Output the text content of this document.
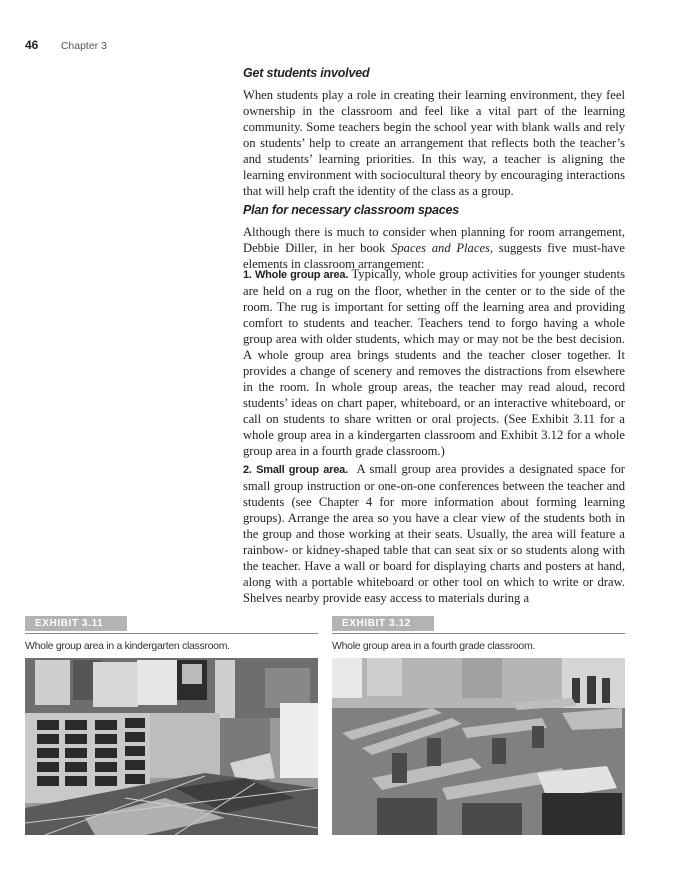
46 Chapter 3
Get students involved

When students play a role in creating their learning environment, they feel ownership in the classroom and feel like a vital part of the learning community. Some teachers begin the school year with blank walls and rely on students’ help to create an arrangement that reflects both the teacher’s and students’ learning priorities. In this way, a teacher is aligning the learning environment with sociocultural theory by encouraging interactions that will help craft the identity of the class as a group.

Plan for necessary classroom spaces

Although there is much to consider when planning for room arrangement, Debbie Diller, in her book Spaces and Places, suggests five must-have elements in classroom arrangement:

1. Whole group area. Typically, whole group activities for younger students are held on a rug on the floor, whether in the center or to the side of the room. The rug is important for setting off the learning area and providing comfort to students and teacher. Teachers tend to forgo having a whole group area with older students, which may or may not be the best decision. A whole group area brings students and the teacher closer together. It provides a change of scenery and removes the distractions from elsewhere in the room. In whole group areas, the teacher may read aloud, record students’ ideas on chart paper, whiteboard, or an interactive whiteboard, or call on students to share written or oral projects. (See Exhibit 3.11 for a whole group area in a kindergarten classroom and Exhibit 3.12 for a whole group area in a fourth grade classroom.)

2. Small group area. A small group area provides a designated space for small group instruction or one-on-one conferences between the teacher and students (see Chapter 4 for more information about forming learning groups). Arrange the area so you have a clear view of the students both in the group and those working at their seats. Usually, the area will feature a rainbow- or kidney-shaped table that can seat six or so students along with the teacher. Have a wall or board for displaying charts and posters at hand, along with a portable whiteboard or other tool on which to write or draw. Shelves nearby provide easy access to materials during a

EXHIBIT 3.11
Whole group area in a kindergarten classroom.
EXHIBIT 3.12
Whole group area in a fourth grade classroom.
